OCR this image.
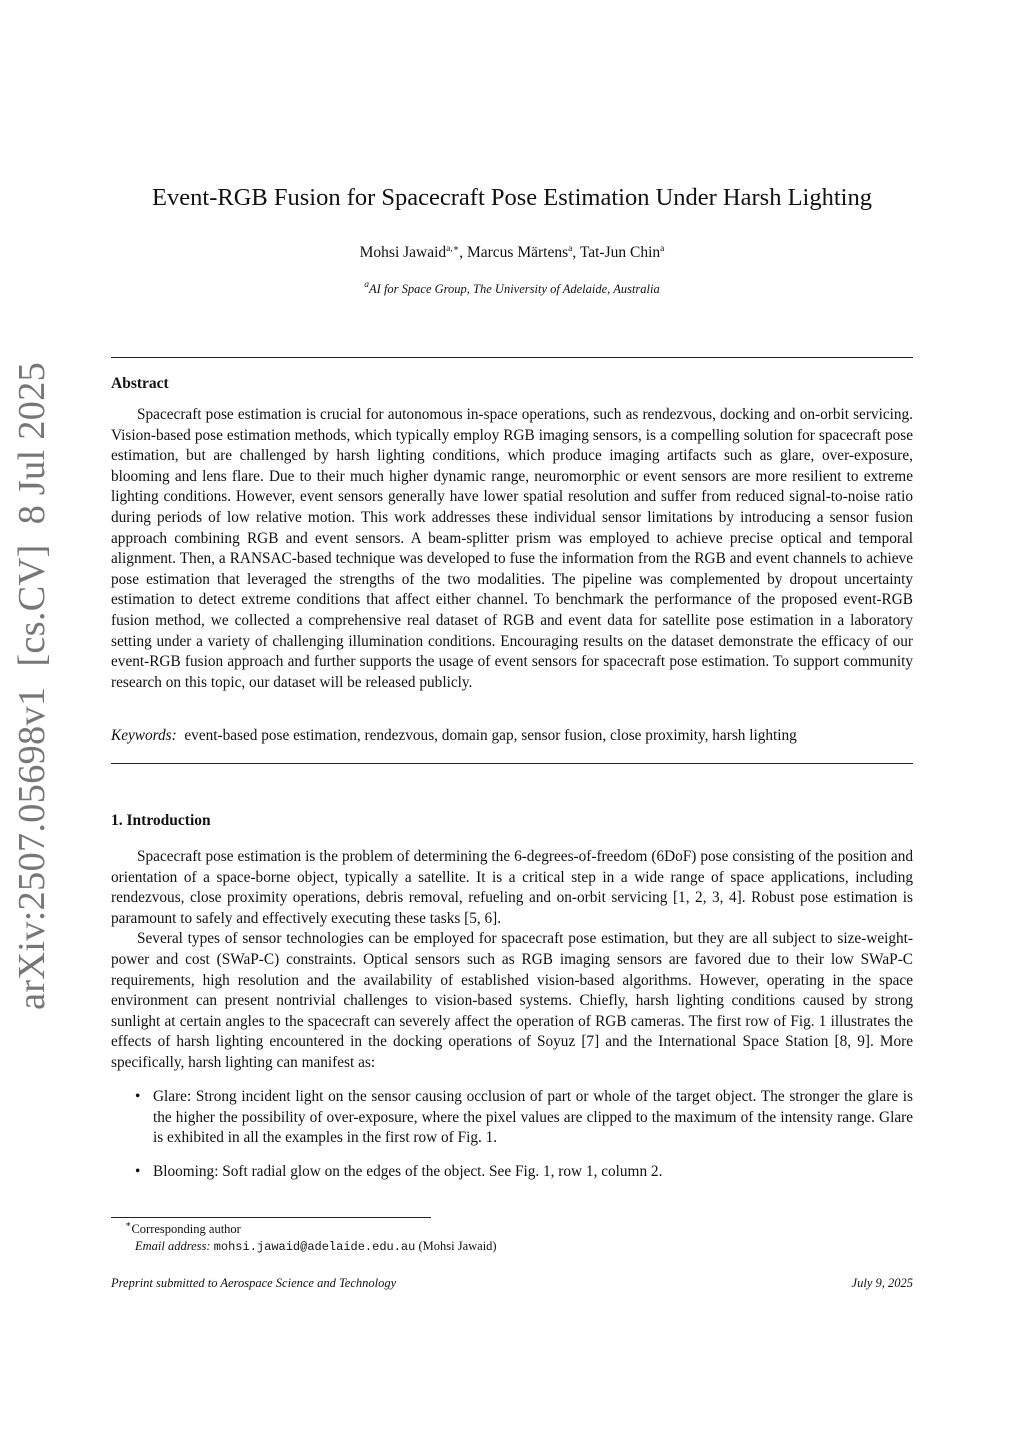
arXiv:2507.05698v1[cs.CV]8 Jul 2025
Event-RGB Fusion for Spacecraft Pose Estimation Under Harsh Lighting
Mohsi Jawaid$^{a,∗}$, Marcus Märtens$^a$, Tat-Jun Chin$^a$
$^a$AI for Space Group, The University of Adelaide, Australia
Abstract

Spacecraft pose estimation is crucial for autonomous in-space operations, such as rendezvous, docking and on-orbit servicing. Vision-based pose estimation methods, which typically employ RGB imaging sensors, is a compelling solution for spacecraft pose estimation, but are challenged by harsh lighting conditions, which produce imaging artifacts such as glare, over-exposure, blooming and lens flare. Due to their much higher dynamic range, neuromorphic or event sensors are more resilient to extreme lighting conditions. However, event sensors generally have lower spatial resolution and suffer from reduced signal-to-noise ratio during periods of low relative motion. This work addresses these individual sensor limitations by introducing a sensor fusion approach combining RGB and event sensors. A beam-splitter prism was employed to achieve precise optical and temporal alignment. Then, a RANSAC-based technique was developed to fuse the information from the RGB and event channels to achieve pose estimation that leveraged the strengths of the two modalities. The pipeline was complemented by dropout uncertainty estimation to detect extreme conditions that affect either channel. To benchmark the performance of the proposed event-RGB fusion method, we collected a comprehensive real dataset of RGB and event data for satellite pose estimation in a laboratory setting under a variety of challenging illumination conditions. Encouraging results on the dataset demonstrate the efficacy of our event-RGB fusion approach and further supports the usage of event sensors for spacecraft pose estimation. To support community research on this topic, our dataset will be released publicly.

Keywords: event-based pose estimation, rendezvous, domain gap, sensor fusion, close proximity, harsh lighting
1. Introduction

Spacecraft pose estimation is the problem of determining the 6-degrees-of-freedom (6DoF) pose consisting of the position and orientation of a space-borne object, typically a satellite. It is a critical step in a wide range of space applications, including rendezvous, close proximity operations, debris removal, refueling and on-orbit servicing [1, 2, 3, 4]. Robust pose estimation is paramount to safely and effectively executing these tasks [5, 6].

Several types of sensor technologies can be employed for spacecraft pose estimation, but they are all subject to size-weight-power and cost (SWaP-C) constraints. Optical sensors such as RGB imaging sensors are favored due to their low SWaP-C requirements, high resolution and the availability of established vision-based algorithms. However, operating in the space environment can present nontrivial challenges to vision-based systems. Chiefly, harsh lighting conditions caused by strong sunlight at certain angles to the spacecraft can severely affect the operation of RGB cameras. The first row of Fig. 1 illustrates the effects of harsh lighting encountered in the docking operations of Soyuz [7] and the International Space Station [8, 9]. More specifically, harsh lighting can manifest as:

• Glare: Strong incident light on the sensor causing occlusion of part or whole of the target object. The stronger the glare is the higher the possibility of over-exposure, where the pixel values are clipped to the maximum of the intensity range. Glare is exhibited in all the examples in the first row of Fig. 1.
• Blooming: Soft radial glow on the edges of the object. See Fig. 1, row 1, column 2.
∗Corresponding author
Email address: mohsi.jawaid@adelaide.edu.au (Mohsi Jawaid)
Preprint submitted to Aerospace Science and Technology	July 9, 2025
